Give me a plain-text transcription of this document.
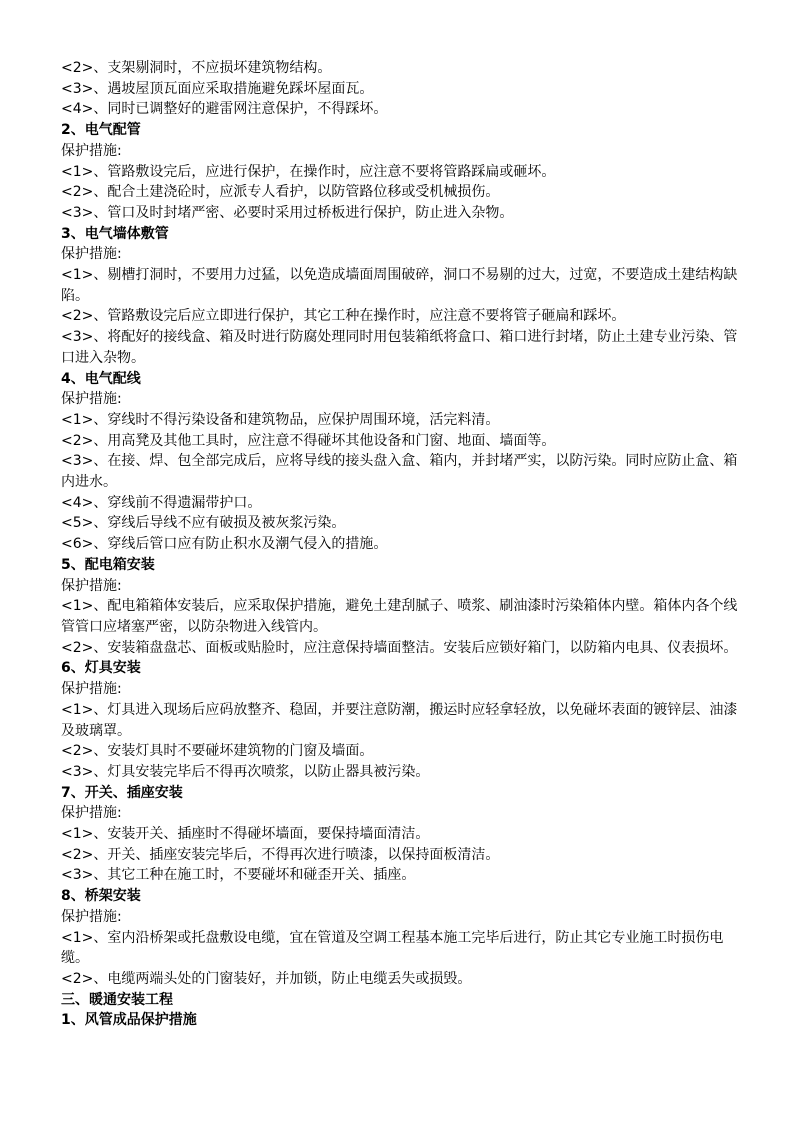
<2>、支架剔洞时，不应损坏建筑物结构。

<3>、遇坡屋顶瓦面应采取措施避免踩坏屋面瓦。

<4>、同时已调整好的避雷网注意保护，不得踩坏。

2、电气配管

保护措施:

<1>、管路敷设完后，应进行保护，在操作时，应注意不要将管路踩扁或砸坏。

<2>、配合土建浇砼时，应派专人看护，以防管路位移或受机械损伤。

<3>、管口及时封堵严密、必要时采用过桥板进行保护，防止进入杂物。

3、电气墙体敷管

保护措施:

<1>、剔槽打洞时，不要用力过猛，以免造成墙面周围破碎，洞口不易剔的过大，过宽，不要造成土建结构缺陷。

<2>、管路敷设完后应立即进行保护，其它工种在操作时，应注意不要将管子砸扁和踩坏。

<3>、将配好的接线盒、箱及时进行防腐处理同时用包装箱纸将盒口、箱口进行封堵，防止土建专业污染、管口进入杂物。

4、电气配线

保护措施:

<1>、穿线时不得污染设备和建筑物品，应保护周围环境，活完料清。

<2>、用高凳及其他工具时，应注意不得碰坏其他设备和门窗、地面、墙面等。

<3>、在接、焊、包全部完成后，应将导线的接头盘入盒、箱内，并封堵严实，以防污染。同时应防止盒、箱内进水。

<4>、穿线前不得遗漏带护口。

<5>、穿线后导线不应有破损及被灰浆污染。

<6>、穿线后管口应有防止积水及潮气侵入的措施。

5、配电箱安装

保护措施:

<1>、配电箱箱体安装后，应采取保护措施，避免土建刮腻子、喷浆、刷油漆时污染箱体内壁。箱体内各个线管管口应堵塞严密，以防杂物进入线管内。

<2>、安装箱盘盘芯、面板或贴脸时，应注意保持墙面整洁。安装后应锁好箱门，以防箱内电具、仪表损坏。

6、灯具安装

保护措施:

<1>、灯具进入现场后应码放整齐、稳固，并要注意防潮，搬运时应轻拿轻放，以免碰坏表面的镀锌层、油漆及玻璃罩。

<2>、安装灯具时不要碰坏建筑物的门窗及墙面。

<3>、灯具安装完毕后不得再次喷浆，以防止器具被污染。

7、开关、插座安装

保护措施:

<1>、安装开关、插座时不得碰坏墙面，要保持墙面清洁。

<2>、开关、插座安装完毕后，不得再次进行喷漆，以保持面板清洁。

<3>、其它工种在施工时，不要碰坏和碰歪开关、插座。

8、桥架安装

保护措施:

<1>、室内沿桥架或托盘敷设电缆，宜在管道及空调工程基本施工完毕后进行，防止其它专业施工时损伤电缆。

<2>、电缆两端头处的门窗装好，并加锁，防止电缆丢失或损毁。

三、暖通安装工程

1、风管成品保护措施
